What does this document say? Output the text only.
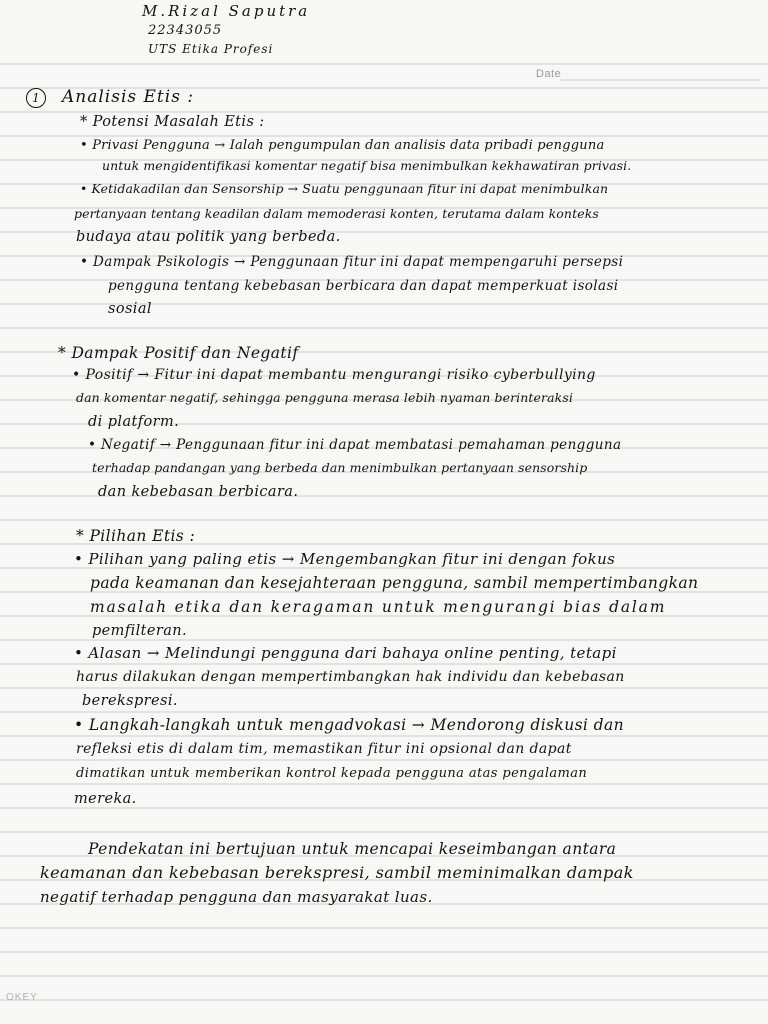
Date
M.Rizal Saputra
22343055
UTS Etika Profesi
1	Analisis Etis :
* Potensi Masalah Etis :
• Privasi Pengguna → Ialah pengumpulan dan analisis data pribadi pengguna
untuk mengidentifikasi komentar negatif bisa menimbulkan kekhawatiran privasi.
• Ketidakadilan dan Sensorship → Suatu penggunaan fitur ini dapat menimbulkan
pertanyaan tentang keadilan dalam memoderasi konten, terutama dalam konteks
budaya atau politik yang berbeda.
• Dampak Psikologis → Penggunaan fitur ini dapat mempengaruhi persepsi
pengguna tentang kebebasan berbicara dan dapat memperkuat isolasi
sosial
* Dampak Positif dan Negatif
• Positif → Fitur ini dapat membantu mengurangi risiko cyberbullying
dan komentar negatif, sehingga pengguna merasa lebih nyaman berinteraksi
di platform.
• Negatif → Penggunaan fitur ini dapat membatasi pemahaman pengguna
terhadap pandangan yang berbeda dan menimbulkan pertanyaan sensorship
dan kebebasan berbicara.
* Pilihan Etis :
• Pilihan yang paling etis → Mengembangkan fitur ini dengan fokus
pada keamanan dan kesejahteraan pengguna, sambil mempertimbangkan
masalah etika dan keragaman untuk mengurangi bias dalam
pemfilteran.
• Alasan → Melindungi pengguna dari bahaya online penting, tetapi
harus dilakukan dengan mempertimbangkan hak individu dan kebebasan
berekspresi.
• Langkah-langkah untuk mengadvokasi → Mendorong diskusi dan
refleksi etis di dalam tim, memastikan fitur ini opsional dan dapat
dimatikan untuk memberikan kontrol kepada pengguna atas pengalaman
mereka.
Pendekatan ini bertujuan untuk mencapai keseimbangan antara
keamanan dan kebebasan berekspresi, sambil meminimalkan dampak
negatif terhadap pengguna dan masyarakat luas.
OKEY
